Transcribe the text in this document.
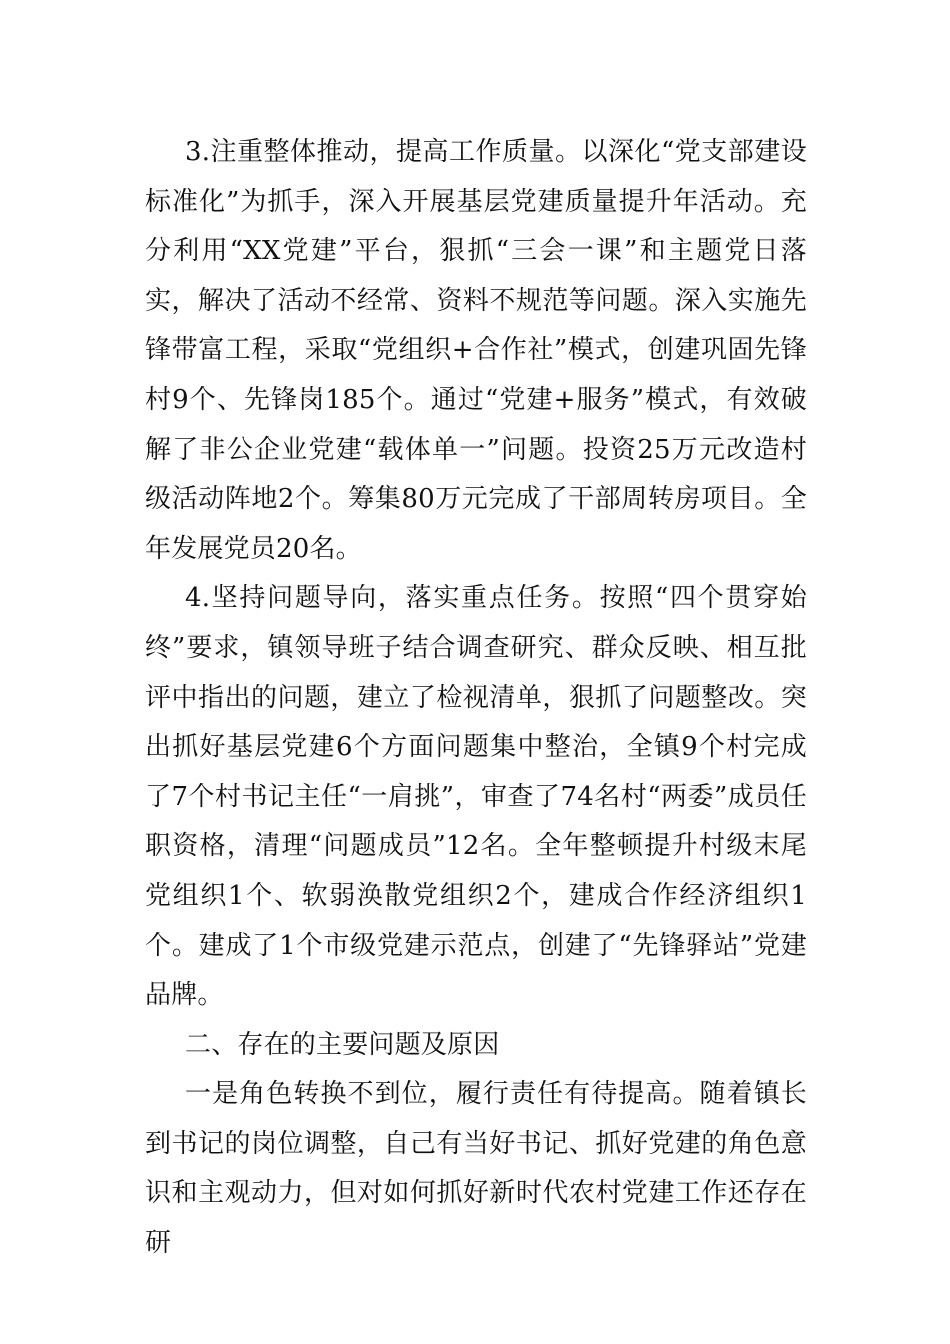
3.注重整体推动，提高工作质量。以深化“党支部建设标准化”为抓手，深入开展基层党建质量提升年活动。充分利用“XX党建”平台，狠抓“三会一课”和主题党日落实，解决了活动不经常、资料不规范等问题。深入实施先锋带富工程，采取“党组织+合作社”模式，创建巩固先锋村9个、先锋岗185个。通过“党建+服务”模式，有效破解了非公企业党建“载体单一”问题。投资25万元改造村级活动阵地2个。筹集80万元完成了干部周转房项目。全年发展党员20名。

4.坚持问题导向，落实重点任务。按照“四个贯穿始终”要求，镇领导班子结合调查研究、群众反映、相互批评中指出的问题，建立了检视清单，狠抓了问题整改。突出抓好基层党建6个方面问题集中整治，全镇9个村完成了7个村书记主任“一肩挑”，审查了74名村“两委”成员任职资格，清理“问题成员”12名。全年整顿提升村级末尾党组织1个、软弱涣散党组织2个，建成合作经济组织1个。建成了1个市级党建示范点，创建了“先锋驿站”党建品牌。

二、存在的主要问题及原因

一是角色转换不到位，履行责任有待提高。随着镇长到书记的岗位调整，自己有当好书记、抓好党建的角色意识和主观动力，但对如何抓好新时代农村党建工作还存在研
